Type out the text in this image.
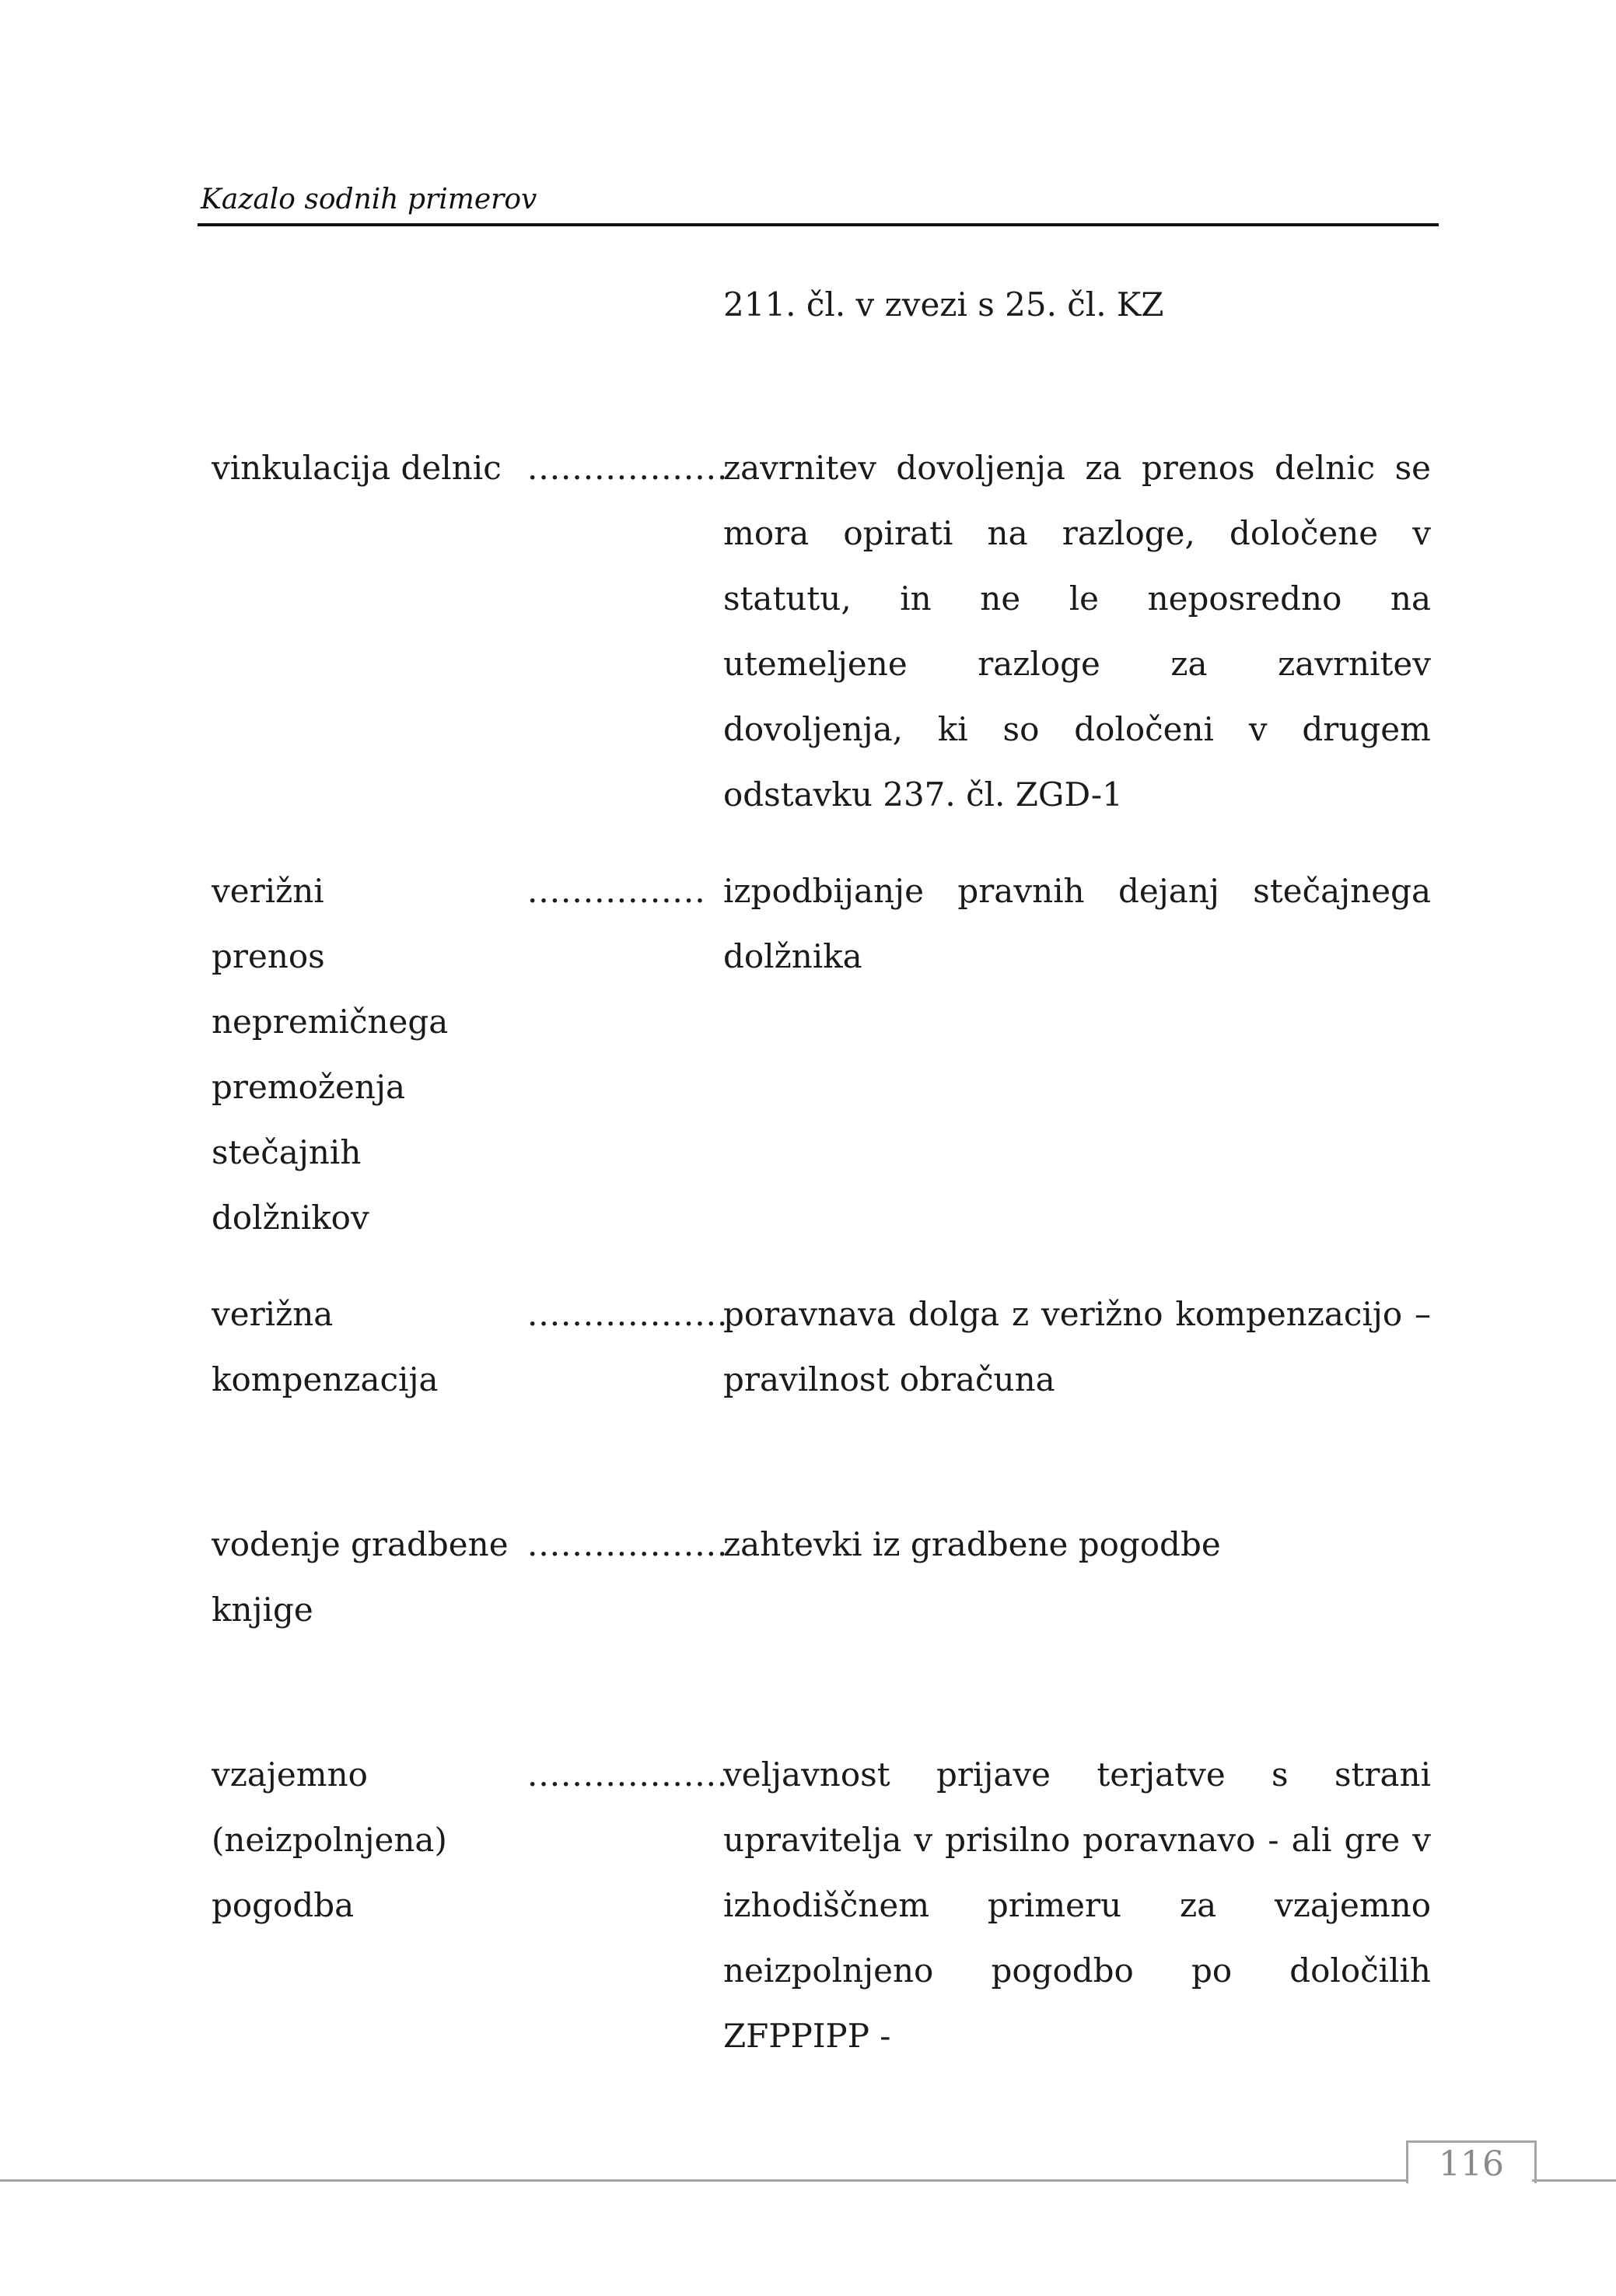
Kazalo sodnih primerov
211. čl. v zvezi s 25. čl. KZ
vinkulacija delnic ..................
zavrnitev dovoljenja za prenos delnic se mora opirati na razloge, določene v statutu, in ne le neposredno na utemeljene razloge za zavrnitev dovoljenja, ki so določeni v drugem odstavku 237. čl. ZGD-1
verižni prenos nepremičnega premoženja stečajnih dolžnikov
................ izpodbijanje pravnih dejanj stečajnega dolžnika
verižna kompenzacija
..................
poravnava dolga z verižno kompenzacijo – pravilnost obračuna
vodenje gradbene knjige
..................
zahtevki iz gradbene pogodbe
vzajemno (neizpolnjena) pogodba
..................
veljavnost prijave terjatve s strani upravitelja v prisilno poravnavo - ali gre v izhodiščnem primeru za vzajemno neizpolnjeno pogodbo po določilih ZFPPIPP -
116
